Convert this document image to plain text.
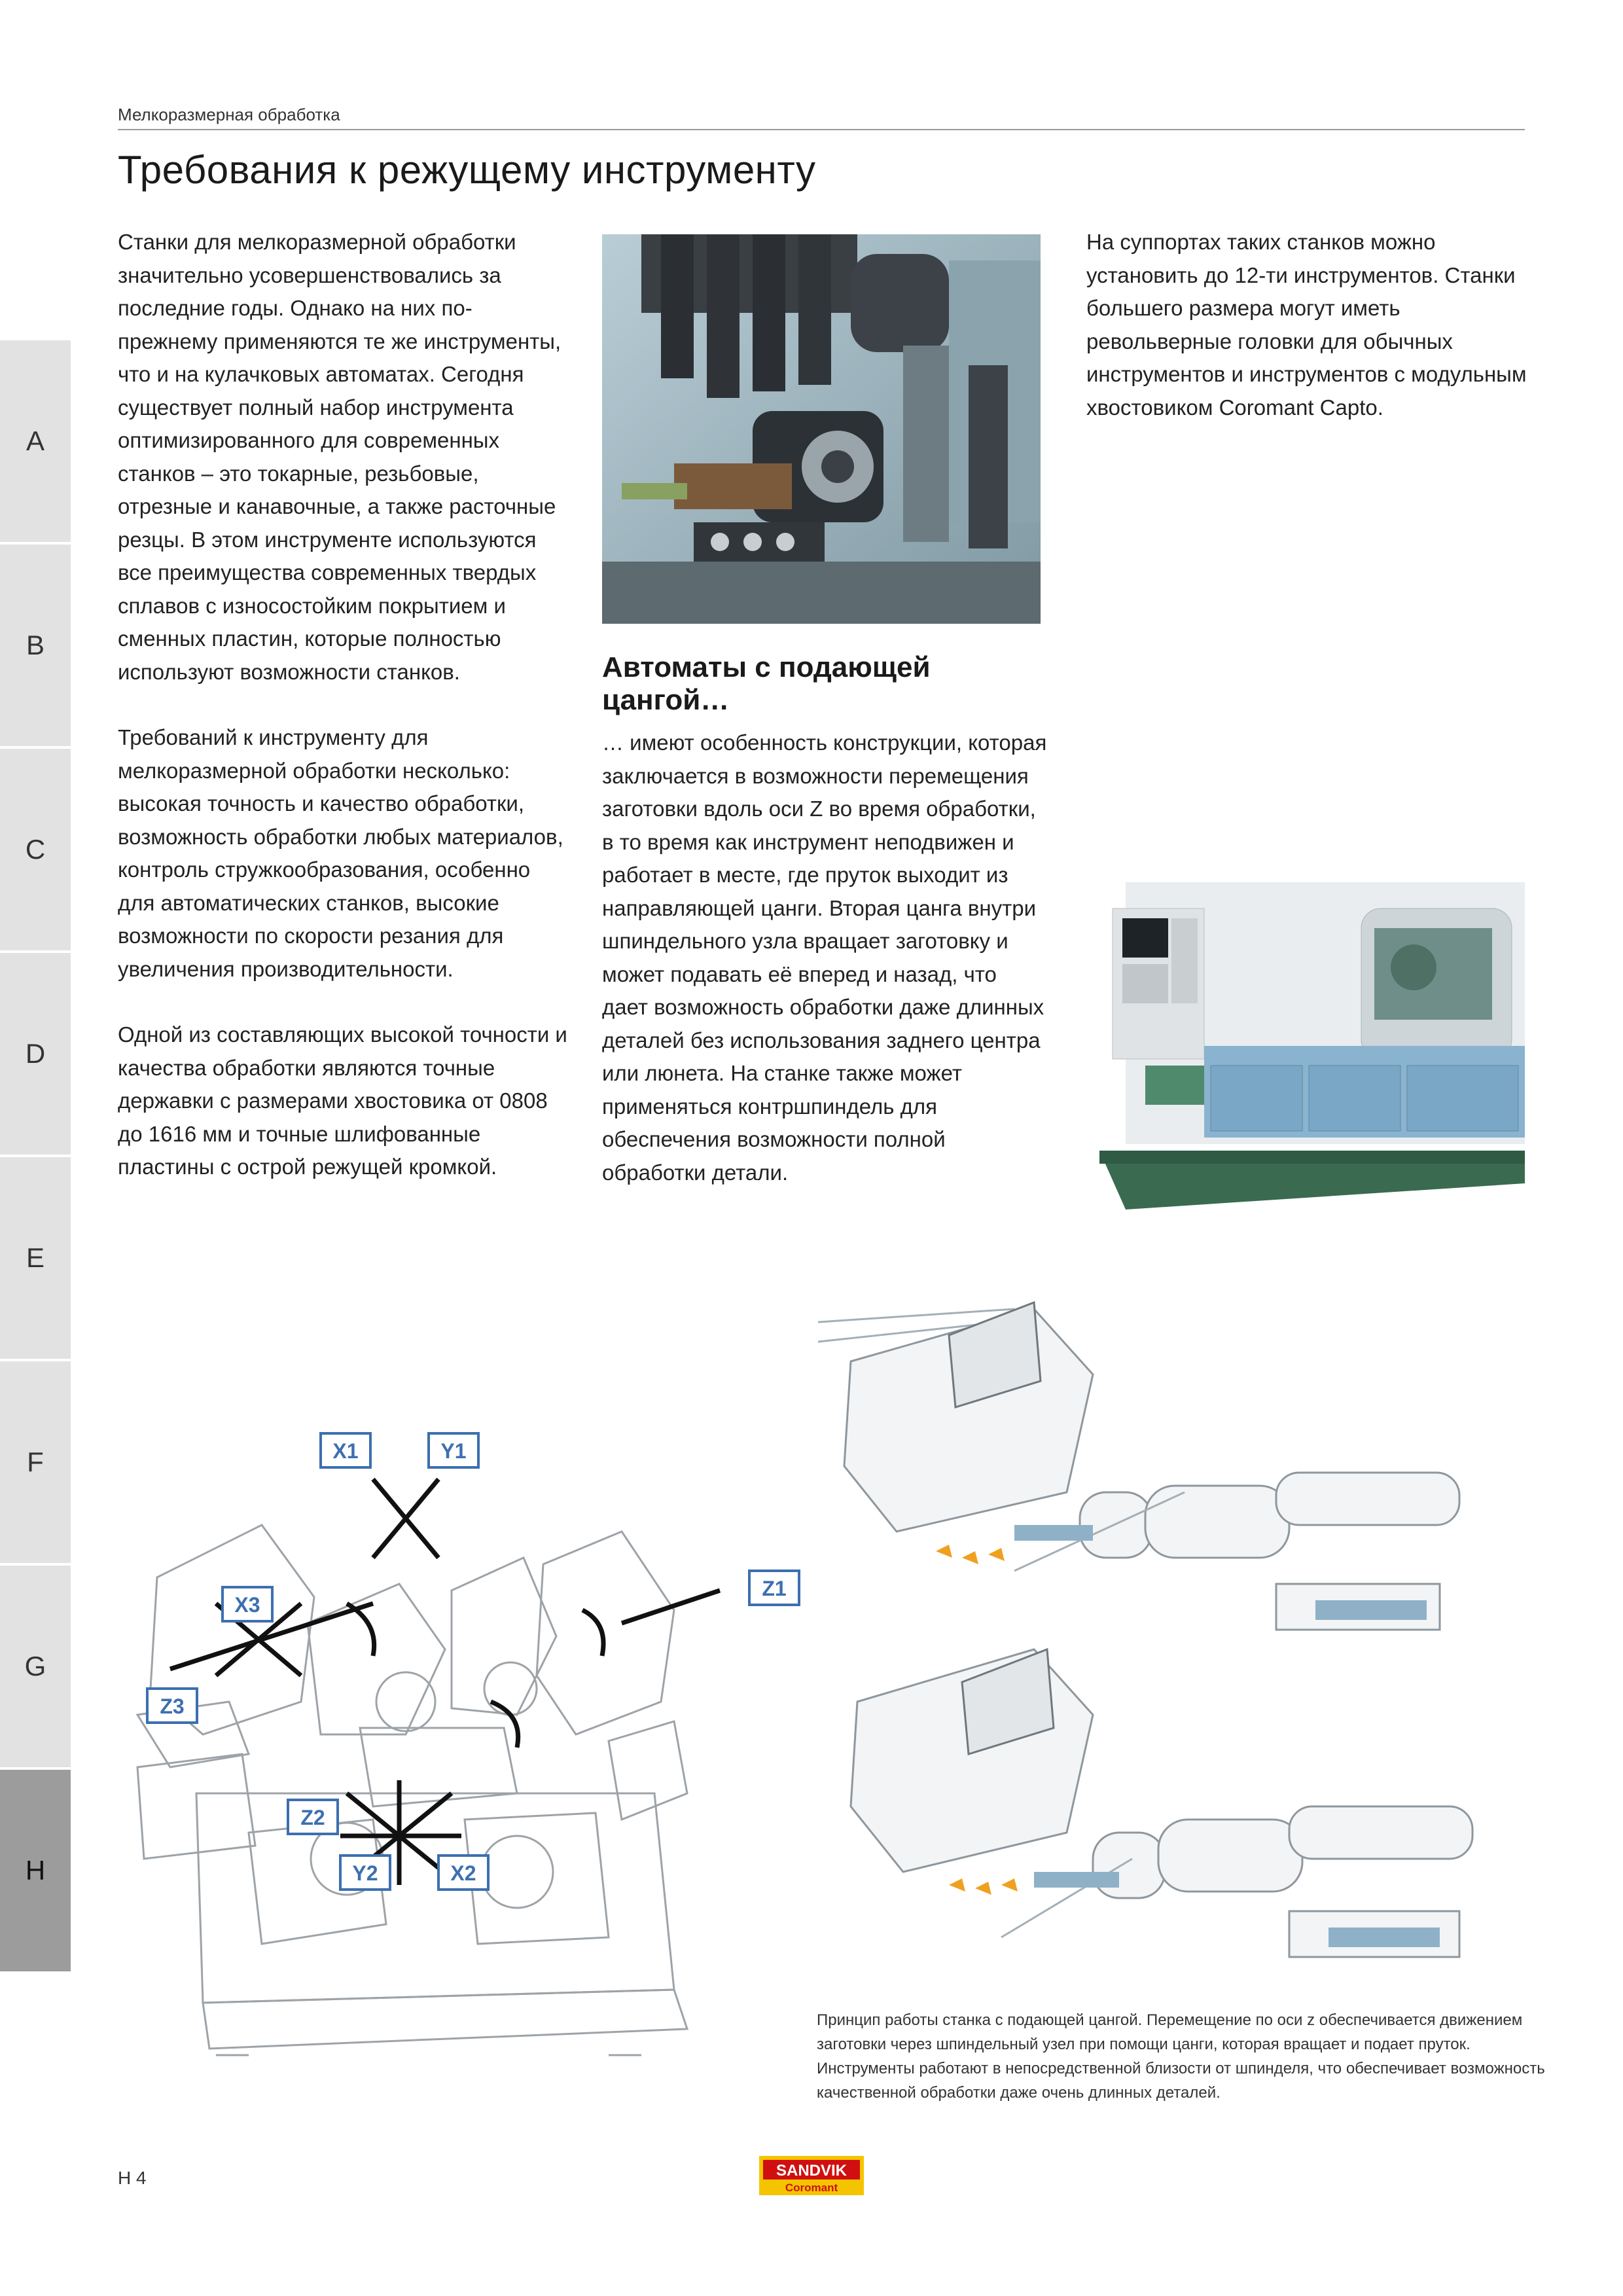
Мелкоразмерная обработка
Требования к режущему инструменту
A
B
C
D
E
F
G
H

Станки для мелкоразмерной обработки значительно усовершенствовались за последние годы. Однако на них по-прежнему применяются те же инструменты, что и на кулачковых автоматах. Сегодня существует полный набор инструмента оптимизированного для современных станков – это токарные, резьбовые, отрезные и канавочные, а также расточные резцы. В этом инструменте используются все преимущества современных твердых сплавов с износостойким покрытием и сменных пластин, которые полностью используют возможности станков.

Требований к инструменту для мелкоразмерной обработки несколько: высокая точность и качество обработки, возможность обработки любых материалов, контроль стружкообразования, особенно для автоматических станков, высокие возможности по скорости резания для увеличения производительности.

Одной из составляющих высокой точности и качества обработки являются точные державки с размерами хвостовика от 0808 до 1616 мм и точные шлифованные пластины с острой режущей кромкой.

Автоматы с подающей цангой…

… имеют особенность конструкции, которая заключается в возможности перемещения заготовки вдоль оси Z во время обработки, в то время как инструмент неподвижен и работает в месте, где пруток выходит из направляющей цанги. Вторая цанга внутри шпиндельного узла вращает заготовку и может подавать её вперед и назад, что дает возможность обработки даже длинных деталей без использования заднего центра или люнета. На станке также может применяться контршпиндель для обеспечения возможности полной обработки детали.

На суппортах таких станков можно установить до 12-ти инструментов. Станки большего размера могут иметь револьверные головки для обычных инструментов и инструментов с модульным хвостовиком Coromant Capto.

X1	Y1
X3
Z1
Z3
Z2
Y2	X2
Принцип работы станка с подающей цангой. Перемещение по оси z обеспечивается движением заготовки через шпиндельный узел при помощи цанги, которая вращает и подает пруток. Инструменты работают в непосредственной близости от шпинделя, что обеспечивает возможность качественной обработки даже очень длинных деталей.
H 4	SANDVIK
Coromant
